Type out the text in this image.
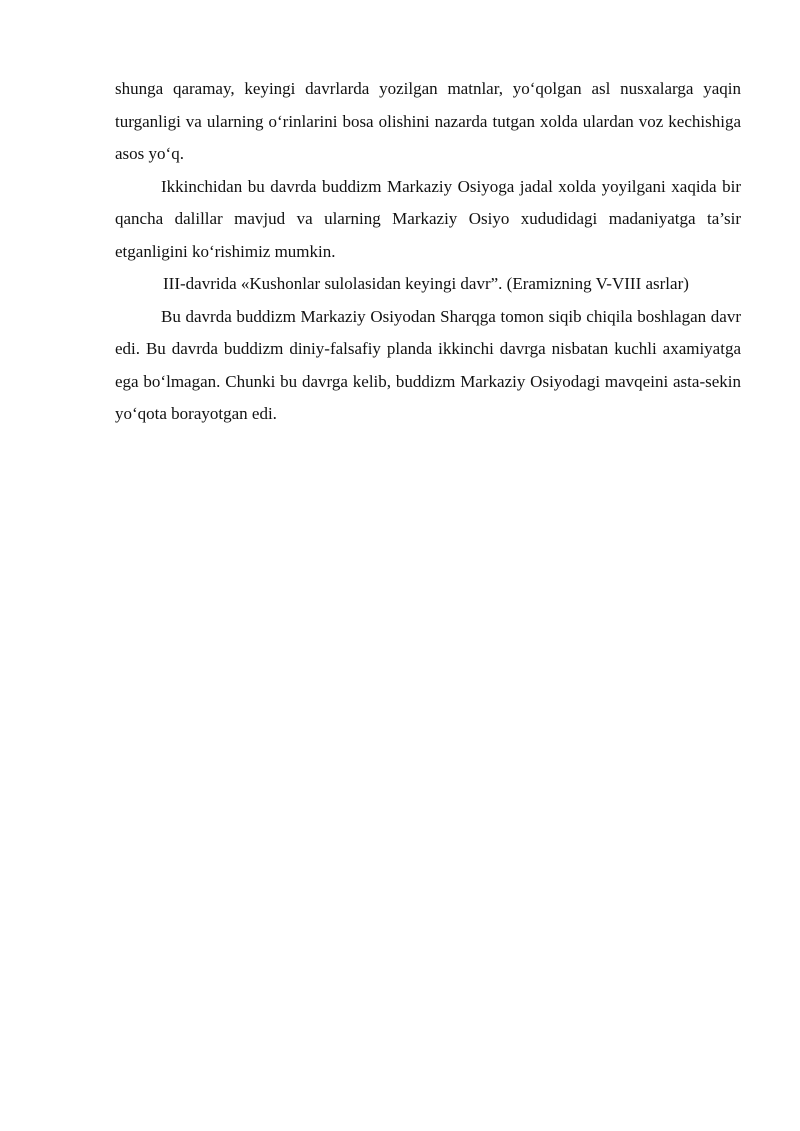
shunga qaramay, keyingi davrlarda yozilgan matnlar, yo‘qolgan asl nusxalarga yaqin turganligi va ularning o‘rinlarini bosa olishini nazarda tutgan xolda ulardan voz kechishiga asos yo‘q.

Ikkinchidan bu davrda buddizm Markaziy Osiyoga jadal xolda yoyilgani xaqida bir qancha dalillar mavjud va ularning Markaziy Osiyo xududidagi madaniyatga ta’sir etganligini ko‘rishimiz mumkin.

III-davrida «Kushonlar sulolasidan keyingi davr”. (Eramizning V-VIII asrlar)

Bu davrda buddizm Markaziy Osiyodan Sharqga tomon siqib chiqila boshlagan davr edi. Bu davrda buddizm diniy-falsafiy planda ikkinchi davrga nisbatan kuchli axamiyatga ega bo‘lmagan. Chunki bu davrga kelib, buddizm Markaziy Osiyodagi mavqeini asta-sekin yo‘qota borayotgan edi.
